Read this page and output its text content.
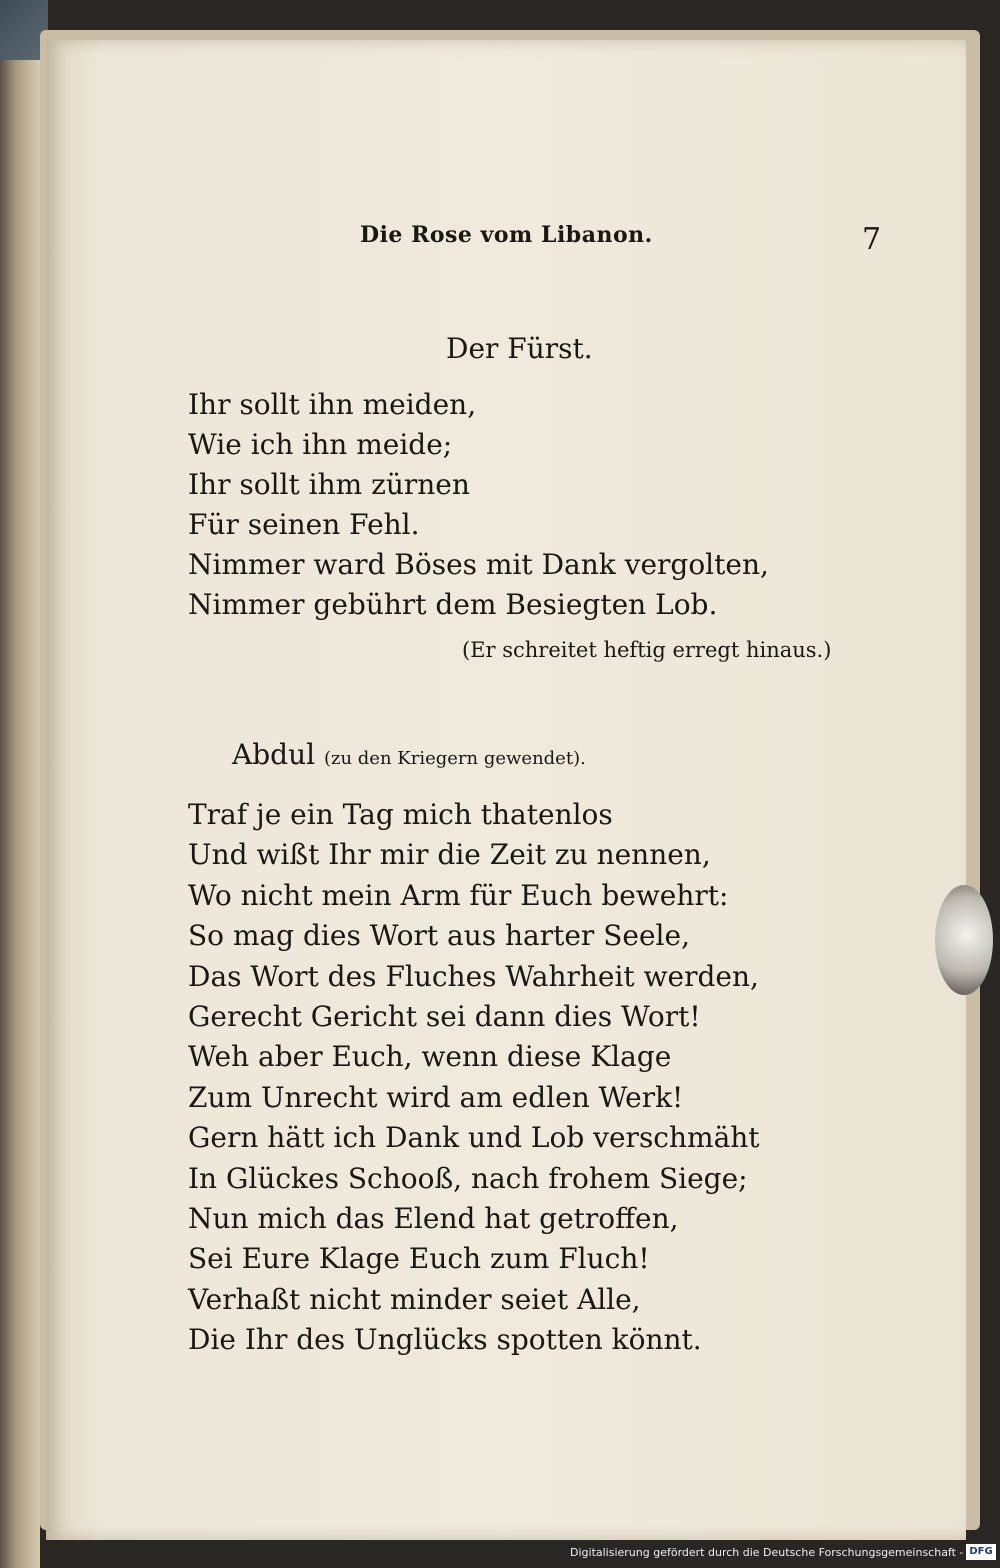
Die Rose vom Libanon.	7
Der Fürst.
Ihr sollt ihn meiden,
Wie ich ihn meide;
Ihr sollt ihm zürnen
Für seinen Fehl.
Nimmer ward Böses mit Dank vergolten,
Nimmer gebührt dem Besiegten Lob.
(Er schreitet heftig erregt hinaus.)
Abdul (zu den Kriegern gewendet).
Traf je ein Tag mich thatenlos
Und wißt Ihr mir die Zeit zu nennen,
Wo nicht mein Arm für Euch bewehrt:
So mag dies Wort aus harter Seele,
Das Wort des Fluches Wahrheit werden,
Gerecht Gericht sei dann dies Wort!
Weh aber Euch, wenn diese Klage
Zum Unrecht wird am edlen Werk!
Gern hätt ich Dank und Lob verschmäht
In Glückes Schooß, nach frohem Siege;
Nun mich das Elend hat getroffen,
Sei Eure Klage Euch zum Fluch!
Verhaßt nicht minder seiet Alle,
Die Ihr des Unglücks spotten könnt.
Digitalisierung gefördert durch die Deutsche Forschungsgemeinschaft - DFG
